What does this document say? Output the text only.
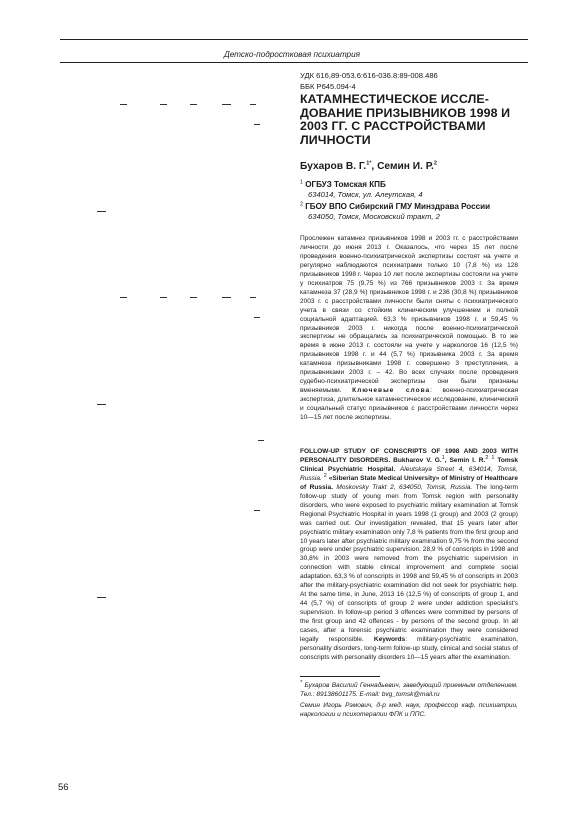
Детско-подростковая психиатрия
УДК 616,89-053.6:616-036.8:89-008.486
ББК Р645.094-4
КАТАМНЕСТИЧЕСКОЕ ИССЛЕ-ДОВАНИЕ ПРИЗЫВНИКОВ 1998 И 2003 ГГ. С РАССТРОЙСТВАМИ ЛИЧНОСТИ
Бухаров В. Г.$^{1*}$, Семин И. Р.$^2$
$^1$ ОГБУЗ Томская КПБ
634014, Томск, ул. Алеутская, 4
$^2$ ГБОУ ВПО Сибирский ГМУ Минздрава России
634050, Томск, Московский тракт, 2
Прослежен катамнез призывников 1998 и 2003 гг. с расстройствами личности до июня 2013 г. Оказалось, что через 15 лет после проведения военно-психиатрической экспертизы состоят на учете и регулярно наблюдаются психиатрами только 10 (7,8 %) из 128 призывников 1998 г. Через 10 лет после экспертизы состояли на учете у психиатров 75 (9,75 %) из 766 призывников 2003 г. За время катамнеза 37 (28,9 %) призывников 1998 г. и 236 (30,8 %) призывников 2003 г. с расстройствами личности были сняты с психиатрического учета в связи со стойким клиническим улучшением и полной социальной адаптацией. 63,3 % призывников 1998 г. и 59,45 % призывников 2003 г. никогда после военно-психиатрической экспертизы не обращались за психиатрической помощью. В то же время в июне 2013 г. состояли на учете у наркологов 16 (12,5 %) призывников 1998 г. и 44 (5,7 %) призывника 2003 г. За время катамнеза призывниками 1998 г. совершено 3 преступления, а призывниками 2003 г. – 42. Во всех случаях после проведения судебно-психиатрической экспертизы они были признаны вменяемыми. Ключевые слова: военно-психиатрическая экспертиза, длительное катамнестическое исследование, клинический и социальный статус призывников с расстройствами личности через 10—15 лет после экспертизы.
FOLLOW-UP STUDY OF CONSCRIPTS OF 1998 AND 2003 WITH PERSONALITY DISORDERS. Bukharov V. G.$^1$, Semin I. R.$^2$ $^1$ Tomsk Clinical Psychiatric Hospital. Aleutskaya Street 4, 634014, Tomsk, Russia. $^2$ «Siberian State Medical University» of Ministry of Healthcare of Russia. Moskovsky Trakt 2, 634050, Tomsk, Russia. The long-term follow-up study of young men from Tomsk region with personality disorders, who were exposed to psychiatric military examination at Tomsk Regional Psychiatric Hospital in years 1998 (1 group) and 2003 (2 group) was carried out. Our investigation revealed, that 15 years later after psychiatric military examination only 7,8 % patients from the first group and 10 years later after psychiatric military examination 9,75 % from the second group were under psychiatric supervision. 28,9 % of conscripts in 1998 and 30,8% in 2003 were removed from the psychiatric supervision in connection with stable clinical improvement and complete social adaptation. 63,3 % of conscripts in 1998 and 59,45 % of conscripts in 2003 after the military-psychiatric examination did not seek for psychiatric help. At the same time, in June, 2013 16 (12,5 %) of conscripts of group 1, and 44 (5,7 %) of conscripts of group 2 were under addiction specialist's supervision. In follow-up period 3 offences were committed by persons of the first group and 42 offences - by persons of the second group. In all cases, after a forensic psychiatric examination they were considered legally responsible. Keywords: military-psychiatric examination, personality disorders, long-term follow-up study, clinical and social status of conscripts with personality disorders 10—15 years after the examination.
* Бухаров Василий Геннадьевич, заведующий приемным отделением. Тел.: 89138601175. E-mail: bvg_tomsk@mail.ru
Семин Игорь Рэмович, д-р мед. наук, профессор каф. психиатрии, наркологии и психотерапии ФПК и ППС.
56
